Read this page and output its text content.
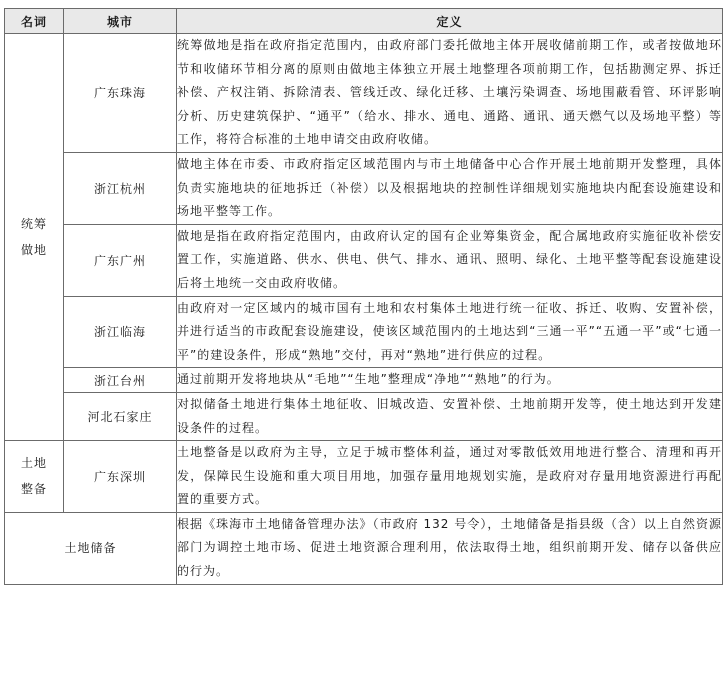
名词	城市	定义

统筹
做地	广东珠海	统筹做地是指在政府指定范围内，由政府部门委托做地主体开展收储前期工作，或者按做地环节和收储环节相分离的原则由做地主体独立开展土地整理各项前期工作，包括勘测定界、拆迁补偿、产权注销、拆除清表、管线迁改、绿化迁移、土壤污染调查、场地围蔽看管、环评影响分析、历史建筑保护、“通平”（给水、排水、通电、通路、通讯、通天燃气以及场地平整）等工作，将符合标准的土地申请交由政府收储。
	浙江杭州	做地主体在市委、市政府指定区域范围内与市土地储备中心合作开展土地前期开发整理，具体负责实施地块的征地拆迁（补偿）以及根据地块的控制性详细规划实施地块内配套设施建设和场地平整等工作。
	广东广州	做地是指在政府指定范围内，由政府认定的国有企业筹集资金，配合属地政府实施征收补偿安置工作，实施道路、供水、供电、供气、排水、通讯、照明、绿化、土地平整等配套设施建设后将土地统一交由政府收储。
	浙江临海	由政府对一定区域内的城市国有土地和农村集体土地进行统一征收、拆迁、收购、安置补偿，并进行适当的市政配套设施建设，使该区域范围内的土地达到“三通一平”“五通一平”或“七通一平”的建设条件，形成“熟地”交付，再对“熟地”进行供应的过程。
	浙江台州	通过前期开发将地块从“毛地”“生地”整理成“净地”“熟地”的行为。
	河北石家庄	对拟储备土地进行集体土地征收、旧城改造、安置补偿、土地前期开发等，使土地达到开发建设条件的过程。

土地
整备	广东深圳	土地整备是以政府为主导，立足于城市整体利益，通过对零散低效用地进行整合、清理和再开发，保障民生设施和重大项目用地，加强存量用地规划实施，是政府对存量用地资源进行再配置的重要方式。
土地储备		根据《珠海市土地储备管理办法》（市政府 132 号令），土地储备是指县级（含）以上自然资源部门为调控土地市场、促进土地资源合理利用，依法取得土地，组织前期开发、储存以备供应的行为。
